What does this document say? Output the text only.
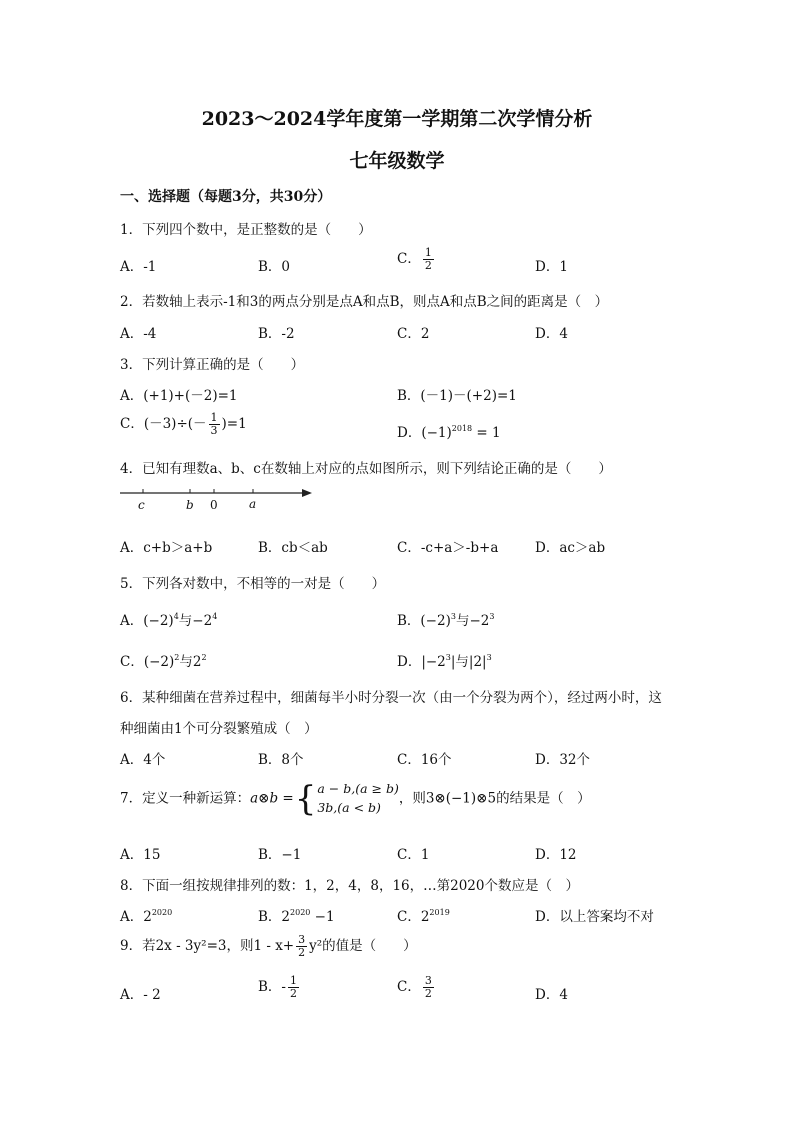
2023～2024学年度第一学期第二次学情分析
七年级数学
一、选择题（每题3分，共30分）
1．下列四个数中，是正整数的是（　　）
A．-1	B．0	C． $\frac{1}{2}$	D．1
2．若数轴上表示-1和3的两点分别是点A和点B，则点A和点B之间的距离是（　）
A．-4	B．-2	C．2	D．4
3．下列计算正确的是（　　）
A．(+1)+(－2)=1	B．(－1)－(+2)=1
C．$(-3)\div(- \frac{1}{3} )=1$
D．$(-1)^{2018} = 1$
4．已知有理数a、b、c在数轴上对应的点如图所示，则下列结论正确的是（　　）
c	b 0	a
A．c+b＞a+b	B．cb＜ab	C．-c+a＞-b+a	D．ac＞ab
5．下列各对数中，不相等的一对是（　　）
A．$(-2)^4$与$-2^4$	B．$(-2)^3$与$-2^3$
C．$(-2)^2$与$2^2$	D．$|-2^3|$与$|2|^3$
6．某种细菌在营养过程中，细菌每半小时分裂一次（由一个分裂为两个），经过两小时，这
种细菌由1个可分裂繁殖成（　）
A．4个	B．8个	C．16个	D．32个
7．定义一种新运算：a⊗b ={ a − b,(a ≥ b)
3b,(a < b)
，则3⊗(−1)⊗5的结果是（　）
A．15	B．−1	C．1	D．12
8．下面一组按规律排列的数：1，2，4，8，16，…第2020个数应是（　）
A．$2^{2020}$	B．$2^{2020} -1$	C．$2^{2019}$	D．以上答案均不对
9．若2x - 3y²=3，则$1 - x+ \frac{3}{2} y^2$的值是（　　）
A．- 2	B．- $\frac{1}{2}$	C． $\frac{3}{2}$	D．4
